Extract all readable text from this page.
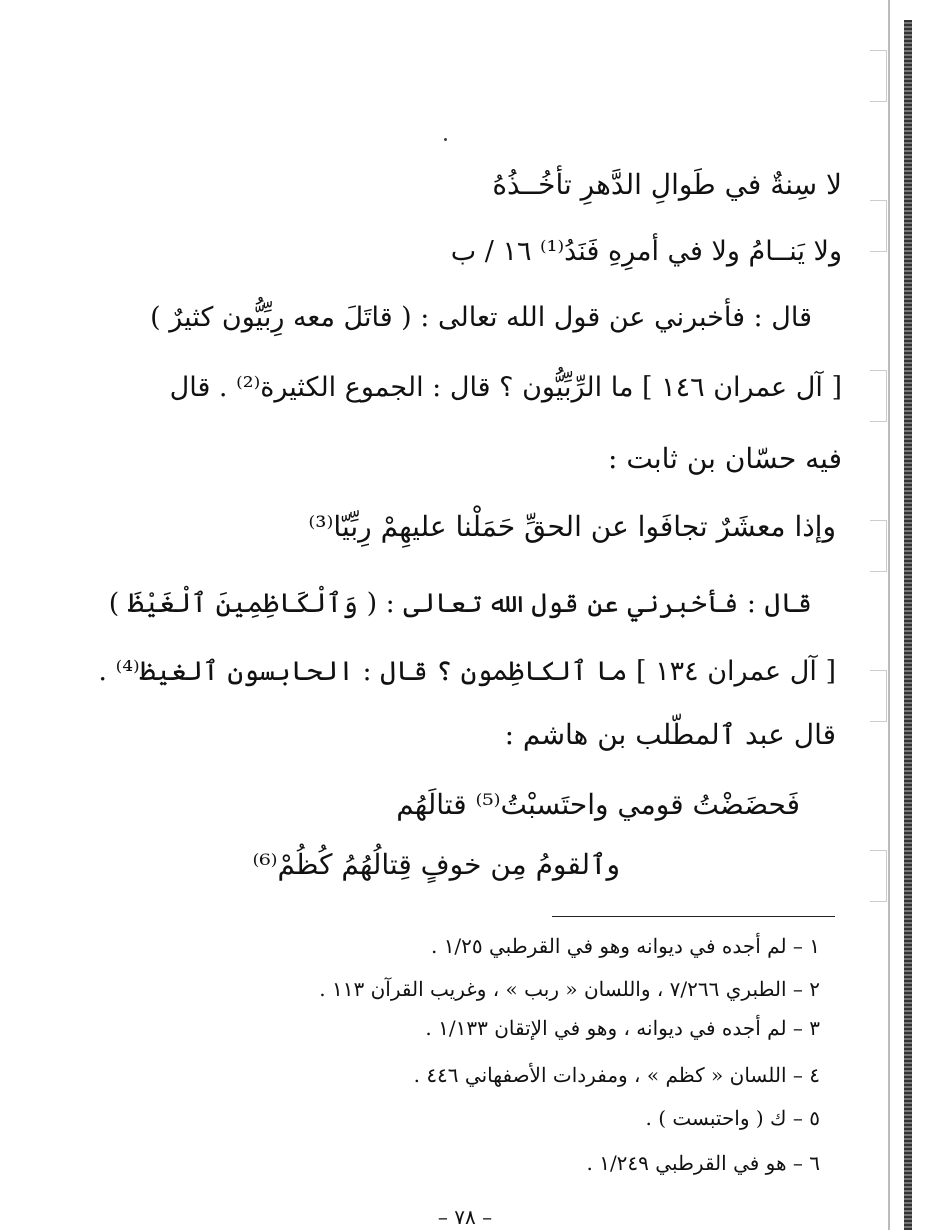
لا سِنةٌ في طَوالِ الدَّهرِ تأخُــذُهُ
ولا يَنــامُ ولا في أمرِهِ فَنَدُ⁽¹⁾ ١٦ / ب
قال : فأخبرني عن قول الله تعالى : ( قاتَلَ معه رِبِّيُّون كثيرٌ )
[ آل عمران ١٤٦ ] ما الرِّبِّيُّون ؟ قال : الجموع الكثيرة⁽²⁾ . قال
فيه حسّان بن ثابت :
وإذا معشَرٌ تجافَوا عن الحقِّ حَمَلْنا عليهِمْ رِبِّيّا⁽³⁾
قال : فأخبرني عن قول الله تعالى : ( وَٱلْكَاظِمِينَ ٱلْغَيْظَ )
[ آل عمران ١٣٤ ] ما ٱلكاظِمون ؟ قال : الحابسون ٱلغيظ⁽⁴⁾ .
قال عبد ٱلمطّلب بن هاشم :
فَحضَضْتُ قومي واحتَسبْتُ⁽⁵⁾ قتالَهُم
وٱلقومُ مِن خوفٍ قِتالُهُمُ كُظُمْ⁽⁶⁾
١ – لم أجده في ديوانه وهو في القرطبي ١/٢٥ .
٢ – الطبري ٧/٢٦٦ ، واللسان « ربب » ، وغريب القرآن ١١٣ .
٣ – لم أجده في ديوانه ، وهو في الإتقان ١/١٣٣ .
٤ – اللسان « كظم » ، ومفردات الأصفهاني ٤٤٦ .
٥ – ك ( واحتبست ) .
٦ – هو في القرطبي ١/٢٤٩ .
– ٧٨ –
